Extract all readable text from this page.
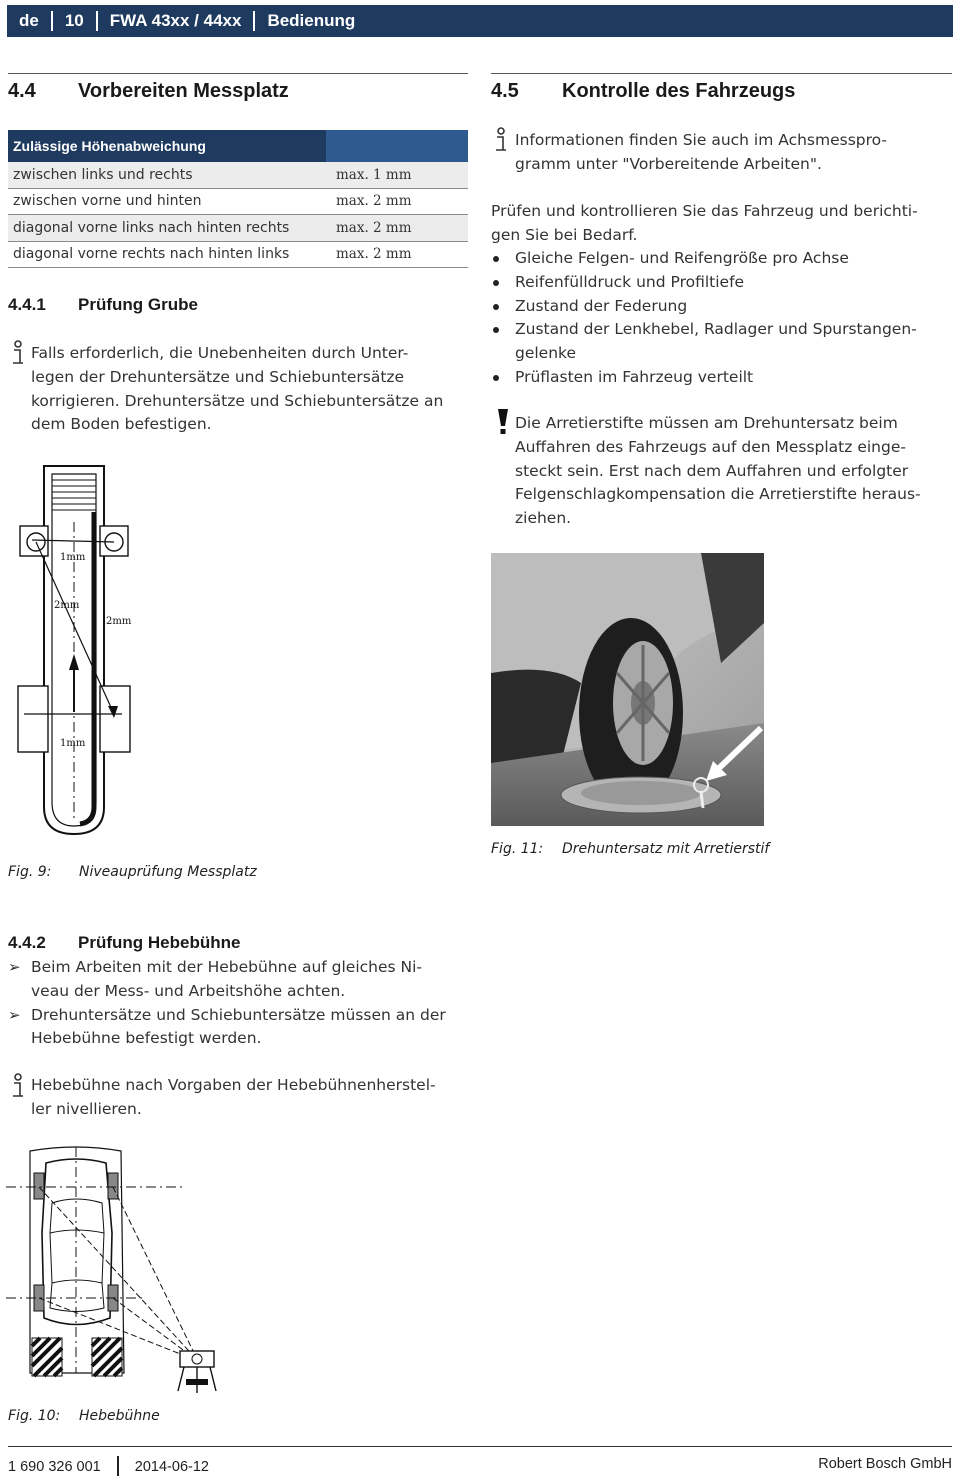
de 10 FWA 43xx / 44xx Bedienung
4.4 Vorbereiten Messplatz
Zulässige Höhenabweichung
zwischen links und rechts	max. 1 mm
zwischen vorne und hinten	max. 2 mm
diagonal vorne links nach hinten rechts	max. 2 mm
diagonal vorne rechts nach hinten links	max. 2 mm
4.4.1 Prüfung Grube

Falls erforderlich, die Unebenheiten durch Unter-

legen der Drehuntersätze und Schiebuntersätze

korrigieren. Drehuntersätze und Schiebuntersätze an

dem Boden befestigen.

1mm
2mm
2mm
1mm
Fig. 9: Niveauprüfung Messplatz
4.4.2 Prüfung Hebebühne
➢ Beim Arbeiten mit der Hebebühne auf gleiches Ni-
veau der Mess- und Arbeitshöhe achten.
➢ Drehuntersätze und Schiebuntersätze müssen an der
Hebebühne befestigt werden.

Hebebühne nach Vorgaben der Hebebühnenherstel-

ler nivellieren.

Fig. 10: Hebebühne
4.5 Kontrolle des Fahrzeugs

Informationen finden Sie auch im Achsmesspro-

gramm unter "Vorbereitende Arbeiten".

Prüfen und kontrollieren Sie das Fahrzeug und berichti-

gen Sie bei Bedarf.

Gleiche Felgen- und Reifengröße pro Achse
Reifenfülldruck und Profiltiefe
Zustand der Federung
Zustand der Lenkhebel, Radlager und Spurstangen-
gelenke
Prüflasten im Fahrzeug verteilt

Die Arretierstifte müssen am Drehuntersatz beim

Auffahren des Fahrzeugs auf den Messplatz einge-

steckt sein. Erst nach dem Auffahren und erfolgter

Felgenschlagkompensation die Arretierstifte heraus-

ziehen.

Fig. 11: Drehuntersatz mit Arretierstif
1 690 326 001 2014-06-12	Robert Bosch GmbH
